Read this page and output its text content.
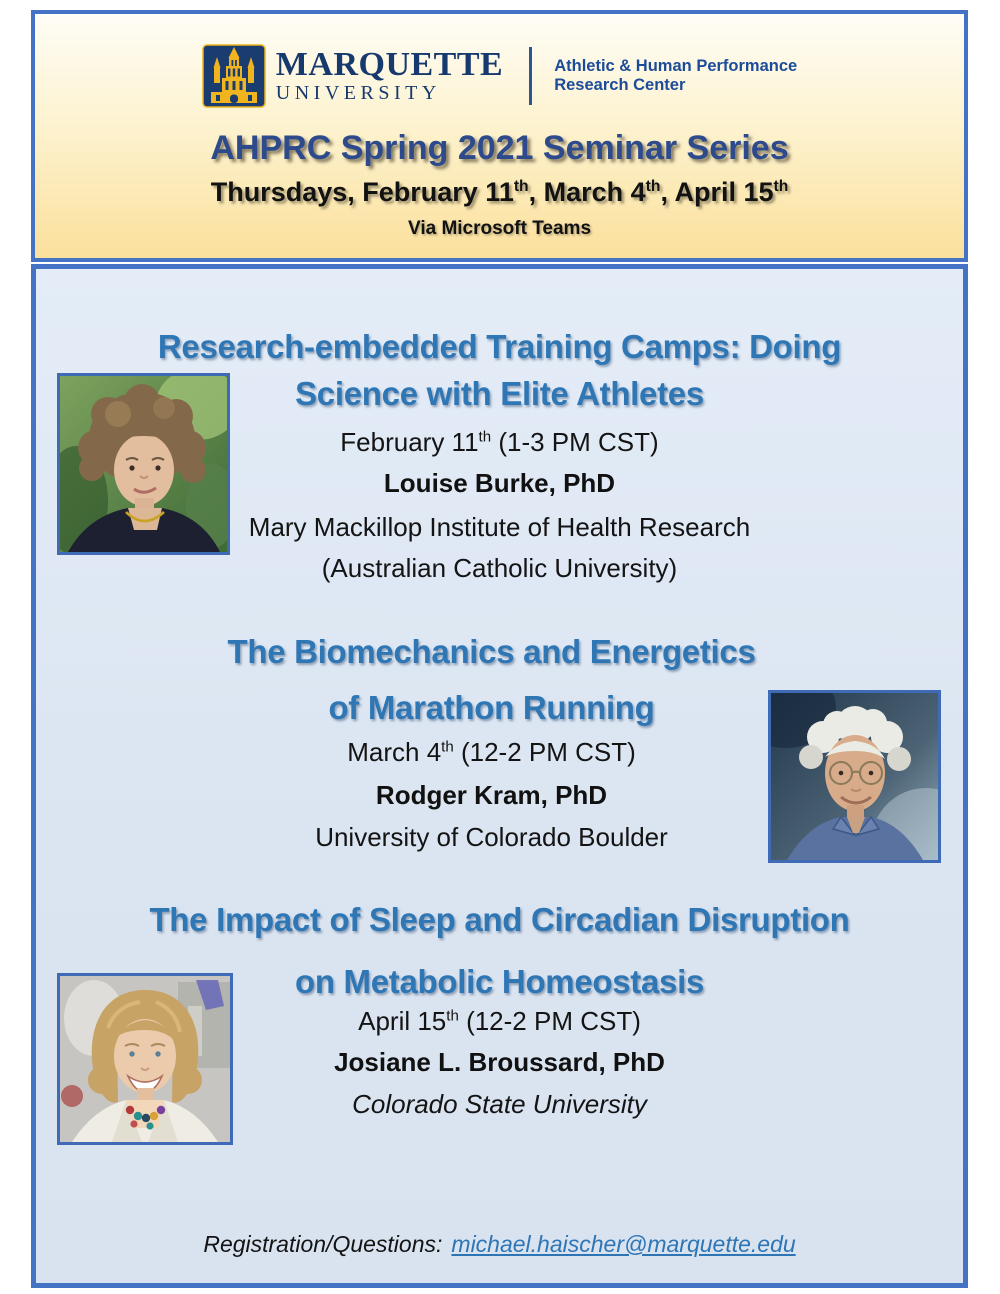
MARQUETTE
UNIVERSITY
Athletic & Human Performance
Research Center
AHPRC Spring 2021 Seminar Series
Thursdays, February 11th, March 4th, April 15th
Via Microsoft Teams
Research-embedded Training Camps: Doing
Science with Elite Athletes
February 11th (1-3 PM CST)
Louise Burke, PhD
Mary Mackillop Institute of Health Research
(Australian Catholic University)
The Biomechanics and Energetics
of Marathon Running
March 4th (12-2 PM CST)
Rodger Kram, PhD
University of Colorado Boulder
The Impact of Sleep and Circadian Disruption
on Metabolic Homeostasis
April 15th (12-2 PM CST)
Josiane L. Broussard, PhD
Colorado State University
Registration/Questions: michael.haischer@marquette.edu
